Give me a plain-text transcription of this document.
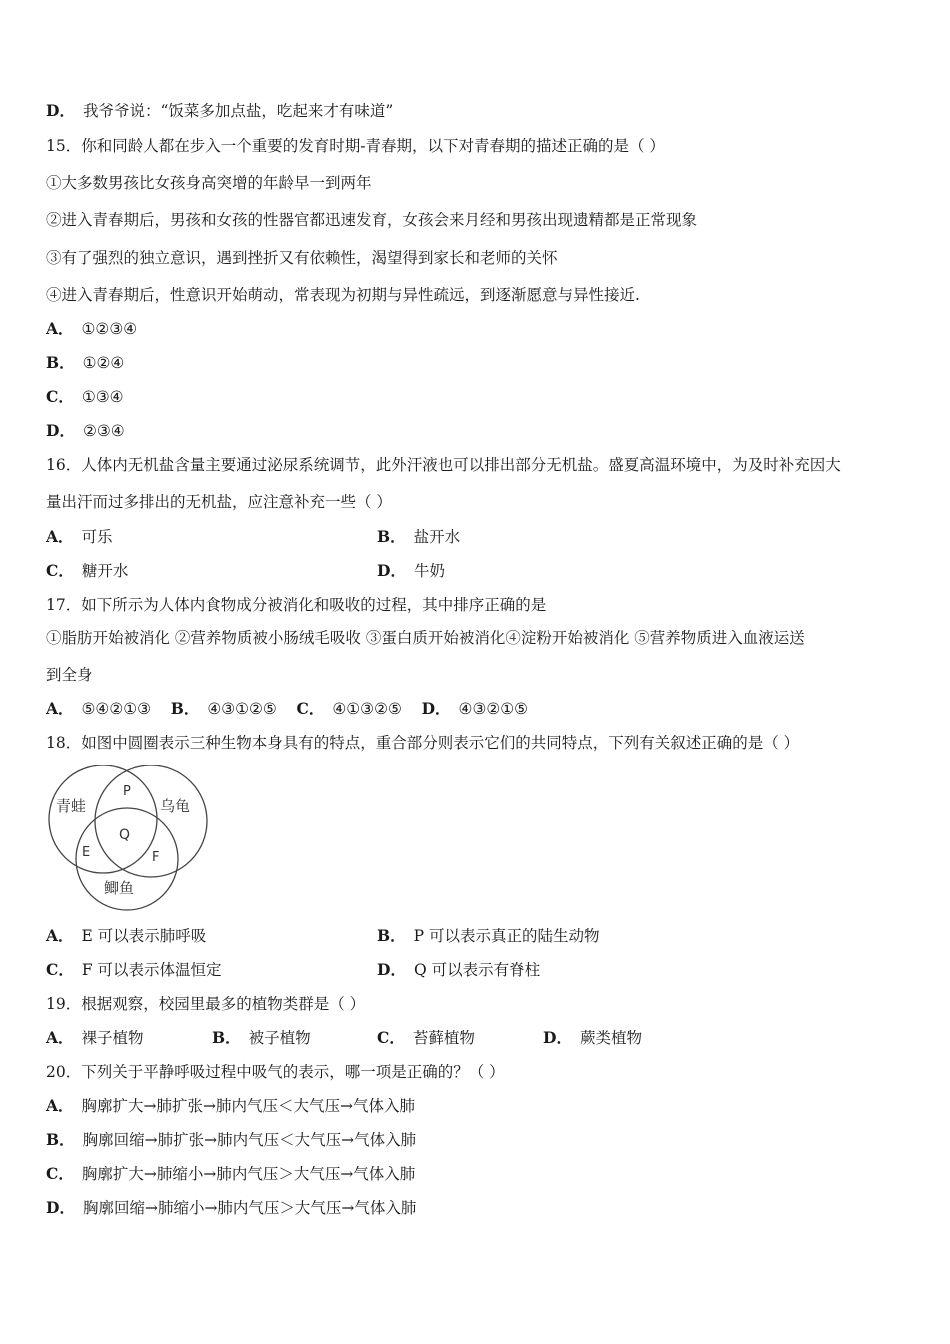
D． 我爷爷说：“饭菜多加点盐，吃起来才有味道”
15．你和同龄人都在步入一个重要的发育时期-青春期，以下对青春期的描述正确的是（ ）
①大多数男孩比女孩身高突增的年龄早一到两年
②进入青春期后，男孩和女孩的性器官都迅速发育，女孩会来月经和男孩出现遗精都是正常现象
③有了强烈的独立意识，遇到挫折又有依赖性，渴望得到家长和老师的关怀
④进入青春期后，性意识开始萌动，常表现为初期与异性疏远，到逐渐愿意与异性接近.
A． ①②③④
B． ①②④
C． ①③④
D． ②③④
16．人体内无机盐含量主要通过泌尿系统调节，此外汗液也可以排出部分无机盐。盛夏高温环境中，为及时补充因大
量出汗而过多排出的无机盐，应注意补充一些（ ）
A． 可乐	B． 盐开水
C． 糖开水	D． 牛奶
17．如下所示为人体内食物成分被消化和吸收的过程，其中排序正确的是
①脂肪开始被消化 ②营养物质被小肠绒毛吸收 ③蛋白质开始被消化④淀粉开始被消化 ⑤营养物质进入血液运送
到全身
A． ⑤④②①③ B． ④③①②⑤ C． ④①③②⑤ D． ④③②①⑤
18．如图中圆圈表示三种生物本身具有的特点，重合部分则表示它们的共同特点，下列有关叙述正确的是（ ）
青蛙	乌龟
鲫鱼
P
Q
E	F
A． E 可以表示肺呼吸	B． P 可以表示真正的陆生动物
C． F 可以表示体温恒定	D． Q 可以表示有脊柱
19．根据观察，校园里最多的植物类群是（ ）
A． 裸子植物	B． 被子植物	C． 苔藓植物	D． 蕨类植物
20．下列关于平静呼吸过程中吸气的表示，哪一项是正确的？（ ）
A． 胸廓扩大→肺扩张→肺内气压＜大气压→气体入肺
B． 胸廓回缩→肺扩张→肺内气压＜大气压→气体入肺
C． 胸廓扩大→肺缩小→肺内气压＞大气压→气体入肺
D． 胸廓回缩→肺缩小→肺内气压＞大气压→气体入肺
